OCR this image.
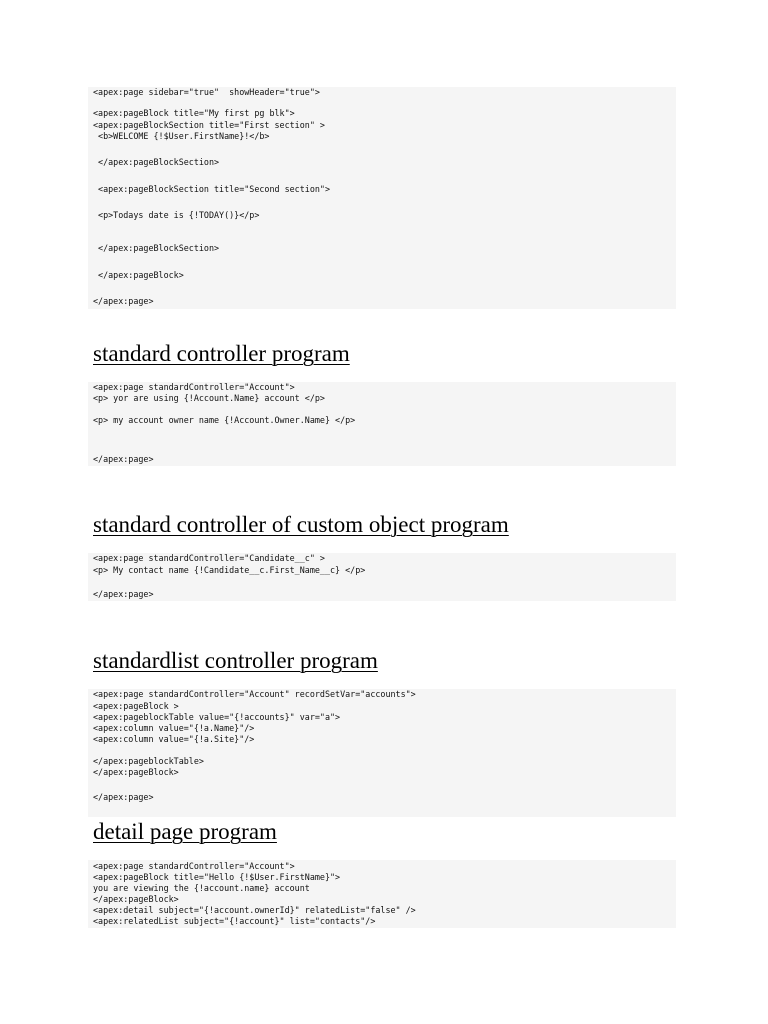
<apex:page sidebar="true"  showHeader="true">
<apex:pageBlock title="My first pg blk">
<apex:pageBlockSection title="First section" >
<b>WELCOME {!$User.FirstName}!</b>
</apex:pageBlockSection>
<apex:pageBlockSection title="Second section">
<p>Todays date is {!TODAY()}</p>
</apex:pageBlockSection>
</apex:pageBlock>
</apex:page>
standard controller program
<apex:page standardController="Account">
<p> yor are using {!Account.Name} account </p>
<p> my account owner name {!Account.Owner.Name} </p>
</apex:page>
standard controller of custom object program
<apex:page standardController="Candidate__c" >
<p> My contact name {!Candidate__c.First_Name__c} </p>
</apex:page>
standardlist controller program
<apex:page standardController="Account" recordSetVar="accounts">
<apex:pageBlock >
<apex:pageblockTable value="{!accounts}" var="a">
<apex:column value="{!a.Name}"/>
<apex:column value="{!a.Site}"/>
</apex:pageblockTable>
</apex:pageBlock>
</apex:page>
detail page program
<apex:page standardController="Account">
<apex:pageBlock title="Hello {!$User.FirstName}">
you are viewing the {!account.name} account
</apex:pageBlock>
<apex:detail subject="{!account.ownerId}" relatedList="false" />
<apex:relatedList subject="{!account}" list="contacts"/>
